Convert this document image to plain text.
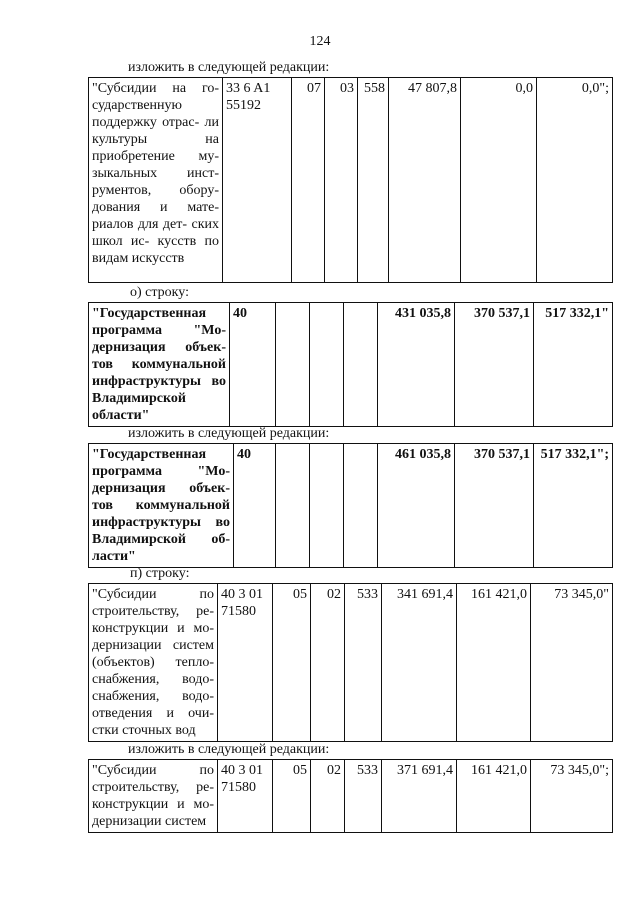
124
изложить в следующей редакции:
"Субсидии на го- сударственную поддержку отрас- ли культуры на приобретение му- зыкальных инст- рументов, обору- дования и мате- риалов для дет- ских школ ис- кусств по видам искусств	33 6 A1 55192	07	03	558	47 807,8	0,0	0,0";
о) строку:
"Государственная программа "Мо- дернизация объек- тов коммунальной инфраструктуры во Владимирской области"	40				431 035,8	370 537,1	517 332,1"
изложить в следующей редакции:
"Государственная программа "Мо- дернизация объек- тов коммунальной инфраструктуры во Владимирской об- ласти"	40				461 035,8	370 537,1	517 332,1";
п) строку:
"Субсидии по строительству, ре- конструкции и мо- дернизации систем (объектов) тепло- снабжения, водо- снабжения, водо- отведения и очи- стки сточных вод	40 3 01 71580	05	02	533	341 691,4	161 421,0	73 345,0"
изложить в следующей редакции:
"Субсидии по строительству, ре- конструкции и мо- дернизации систем	40 3 01 71580	05	02	533	371 691,4	161 421,0	73 345,0";
